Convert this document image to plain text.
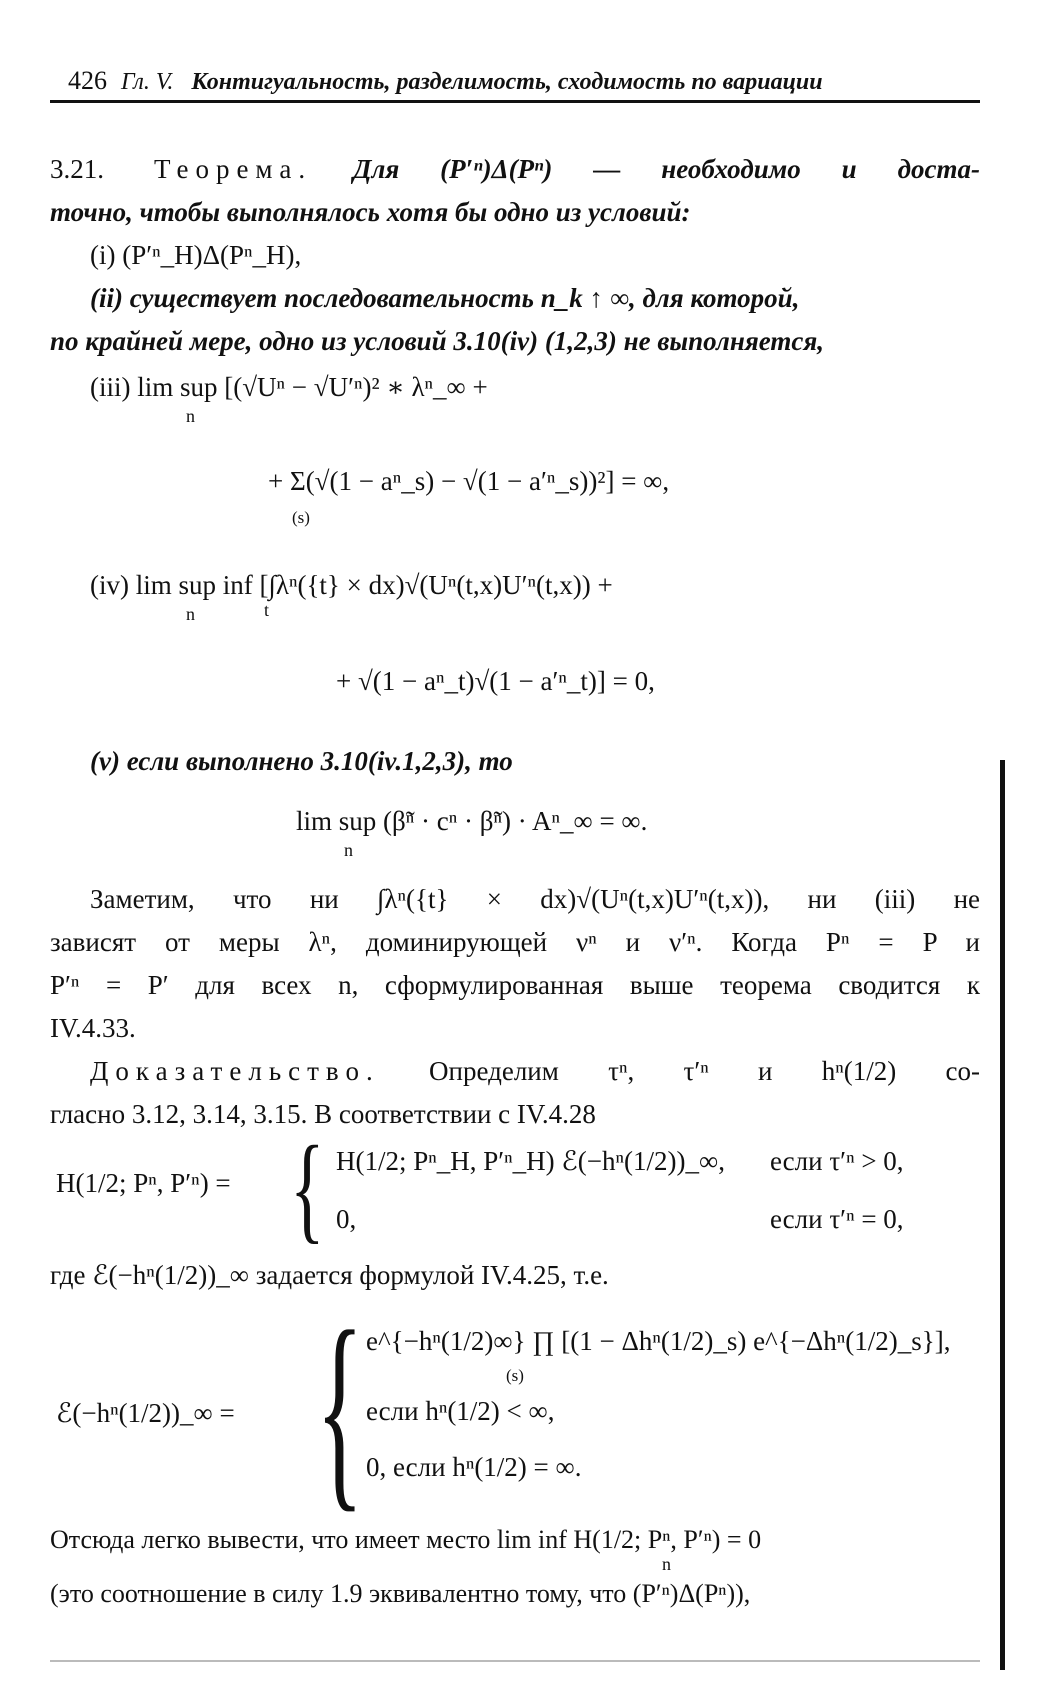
426 Гл. V. Контигуальность, разделимость, сходимость по вариации
3.21. Теорема. Для (P′ⁿ)Δ(Pⁿ) — необходимо и доста-
точно, чтобы выполнялось хотя бы одно из условий:
(i) (P′ⁿ_H)Δ(Pⁿ_H),
(ii) существует последовательность n_k ↑ ∞, для которой,
по крайней мере, одно из условий 3.10(iv) (1,2,3) не выполняется,
(iii) lim sup [(√Uⁿ − √U′ⁿ)² ∗ λⁿ_∞ +
n
+ Σ(√(1 − aⁿ_s) − √(1 − a′ⁿ_s))²] = ∞,
(s)
(iv) lim sup inf [∫λⁿ({t} × dx)√(Uⁿ(t,x)U′ⁿ(t,x)) +
n	t
+ √(1 − aⁿ_t)√(1 − a′ⁿ_t)] = 0,
(v) если выполнено 3.10(iv.1,2,3), то
lim sup (β̃ⁿ · cⁿ · β̃ⁿ) · Aⁿ_∞ = ∞.
n
Заметим, что ни ∫λⁿ({t} × dx)√(Uⁿ(t,x)U′ⁿ(t,x)), ни (iii) не
зависят от меры λⁿ, доминирующей νⁿ и ν′ⁿ. Когда Pⁿ = P и
P′ⁿ = P′ для всех n, сформулированная выше теорема сводится к
IV.4.33.
Доказательство. Определим τⁿ, τ′ⁿ и hⁿ(1/2) со-
гласно 3.12, 3.14, 3.15. В соответствии с IV.4.28
H(1/2; Pⁿ, P′ⁿ) = { H(1/2; Pⁿ_H, P′ⁿ_H) ℰ(−hⁿ(1/2))_∞, если τ′ⁿ > 0,
0,	если τ′ⁿ = 0,
где ℰ(−hⁿ(1/2))_∞ задается формулой IV.4.25, т.е.
ℰ(−hⁿ(1/2))_∞ = { e^{−hⁿ(1/2)∞} ∏ [(1 − Δhⁿ(1/2)_s) e^{−Δhⁿ(1/2)_s}],
(s)
если hⁿ(1/2) < ∞,
0, если hⁿ(1/2) = ∞.
Отсюда легко вывести, что имеет место lim inf H(1/2; Pⁿ, P′ⁿ) = 0
n
(это соотношение в силу 1.9 эквивалентно тому, что (P′ⁿ)Δ(Pⁿ)),
